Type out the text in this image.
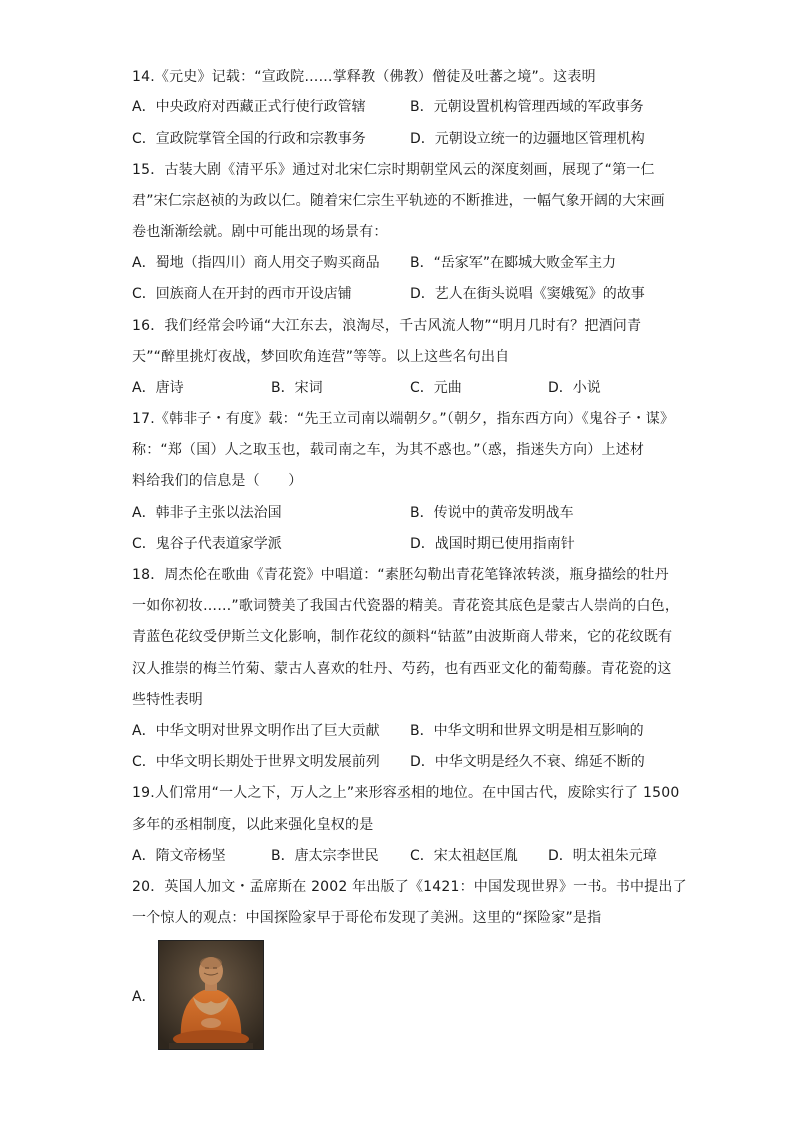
14.《元史》记载：“宣政院……掌释教（佛教）僧徒及吐蕃之境”。这表明
A．中央政府对西藏正式行使行政管辖	B．元朝设置机构管理西域的军政事务
C．宣政院掌管全国的行政和宗教事务	D．元朝设立统一的边疆地区管理机构
15．古装大剧《清平乐》通过对北宋仁宗时期朝堂风云的深度刻画，展现了“第一仁
君”宋仁宗赵祯的为政以仁。随着宋仁宗生平轨迹的不断推进，一幅气象开阔的大宋画
卷也渐渐绘就。剧中可能出现的场景有：
A．蜀地（指四川）商人用交子购买商品 B．“岳家军”在郾城大败金军主力
C．回族商人在开封的西市开设店铺	D．艺人在街头说唱《窦娥冤》的故事
16．我们经常会吟诵“大江东去，浪淘尽，千古风流人物”“明月几时有？把酒问青
天”“醉里挑灯夜战，梦回吹角连营”等等。以上这些名句出自
A．唐诗	B．宋词	C．元曲	D．小说
17.《韩非子・有度》载：“先王立司南以端朝夕。”（朝夕，指东西方向）《鬼谷子・谋》
称：“郑（国）人之取玉也，载司南之车，为其不惑也。”（惑，指迷失方向）上述材
料给我们的信息是（　　）
A．韩非子主张以法治国	B．传说中的黄帝发明战车
C．鬼谷子代表道家学派	D．战国时期已使用指南针
18．周杰伦在歌曲《青花瓷》中唱道：“素胚勾勒出青花笔锋浓转淡，瓶身描绘的牡丹
一如你初妆……”歌词赞美了我国古代瓷器的精美。青花瓷其底色是蒙古人崇尚的白色，
青蓝色花纹受伊斯兰文化影响，制作花纹的颜料“钴蓝”由波斯商人带来，它的花纹既有
汉人推崇的梅兰竹菊、蒙古人喜欢的牡丹、芍药，也有西亚文化的葡萄藤。青花瓷的这
些特性表明
A．中华文明对世界文明作出了巨大贡献 B．中华文明和世界文明是相互影响的
C．中华文明长期处于世界文明发展前列 D．中华文明是经久不衰、绵延不断的
19.人们常用“一人之下，万人之上”来形容丞相的地位。在中国古代，废除实行了 1500
多年的丞相制度，以此来强化皇权的是
A．隋文帝杨坚	B．唐太宗李世民 C．宋太祖赵匡胤 D．明太祖朱元璋
20．英国人加文・孟席斯在 2002 年出版了《1421：中国发现世界》一书。书中提出了
一个惊人的观点：中国探险家早于哥伦布发现了美洲。这里的“探险家”是指
A．
